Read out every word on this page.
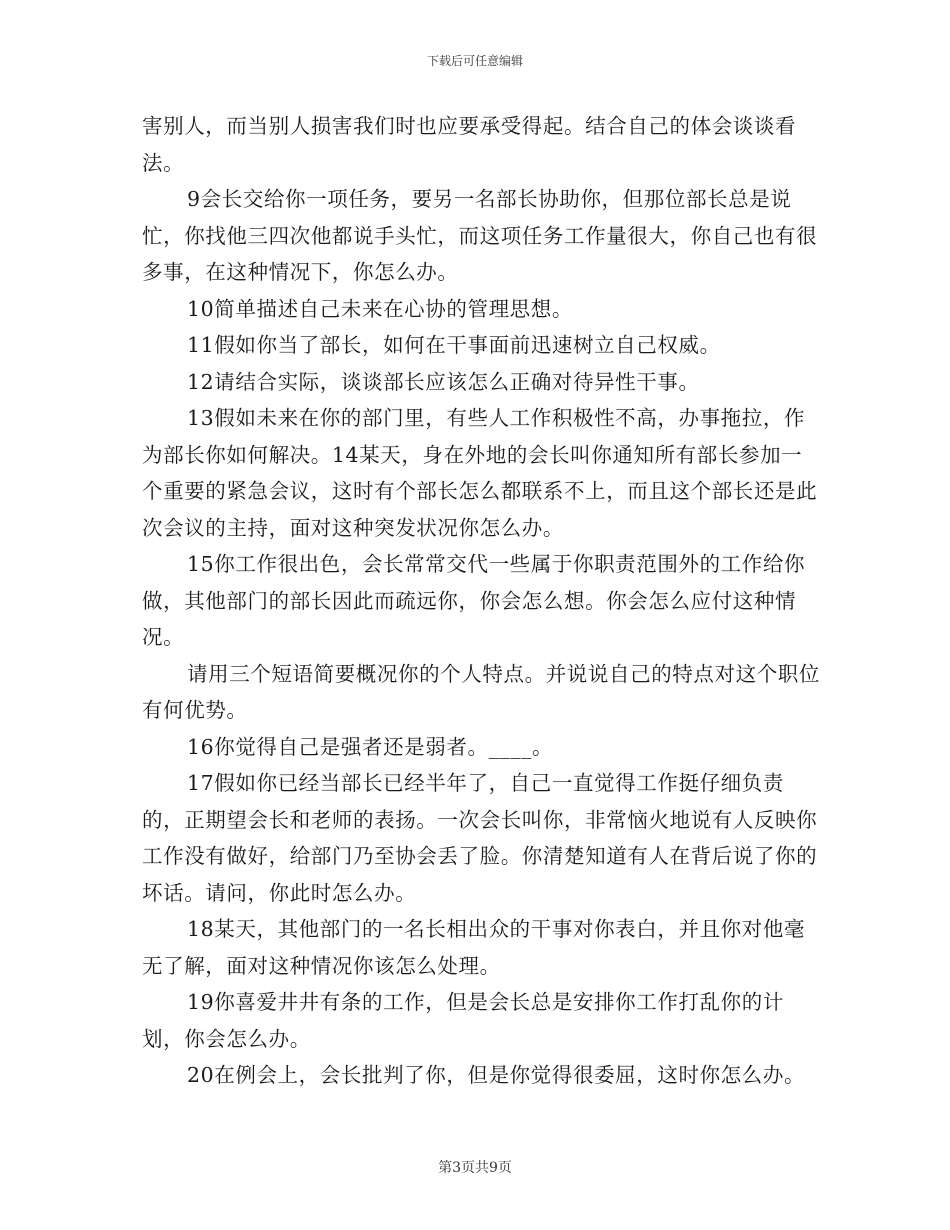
下载后可任意编辑

害别人，而当别人损害我们时也应要承受得起。结合自己的体会谈谈看法。

9会长交给你一项任务，要另一名部长协助你，但那位部长总是说忙，你找他三四次他都说手头忙，而这项任务工作量很大，你自己也有很多事，在这种情况下，你怎么办。

10简单描述自己未来在心协的管理思想。

11假如你当了部长，如何在干事面前迅速树立自己权威。

12请结合实际，谈谈部长应该怎么正确对待异性干事。

13假如未来在你的部门里，有些人工作积极性不高，办事拖拉，作为部长你如何解决。14某天，身在外地的会长叫你通知所有部长参加一个重要的紧急会议，这时有个部长怎么都联系不上，而且这个部长还是此次会议的主持，面对这种突发状况你怎么办。

15你工作很出色，会长常常交代一些属于你职责范围外的工作给你做，其他部门的部长因此而疏远你，你会怎么想。你会怎么应付这种情况。

请用三个短语简要概况你的个人特点。并说说自己的特点对这个职位有何优势。

16你觉得自己是强者还是弱者。____。

17假如你已经当部长已经半年了，自己一直觉得工作挺仔细负责的，正期望会长和老师的表扬。一次会长叫你，非常恼火地说有人反映你工作没有做好，给部门乃至协会丢了脸。你清楚知道有人在背后说了你的坏话。请问，你此时怎么办。

18某天，其他部门的一名长相出众的干事对你表白，并且你对他毫无了解，面对这种情况你该怎么处理。

19你喜爱井井有条的工作，但是会长总是安排你工作打乱你的计划，你会怎么办。

20在例会上，会长批判了你，但是你觉得很委屈，这时你怎么办。

第3页共9页
